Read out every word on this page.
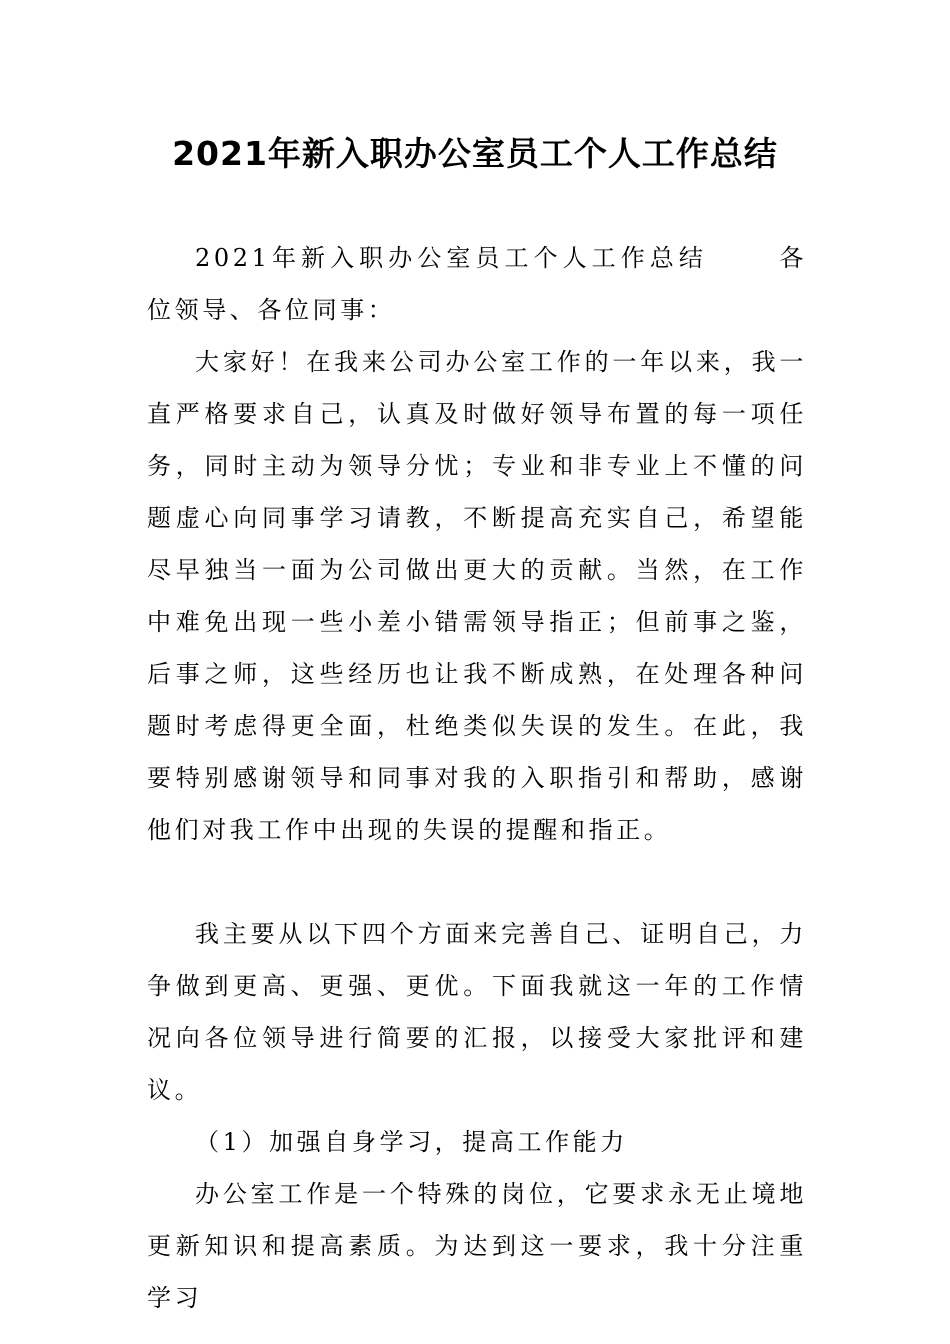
2021年新入职办公室员工个人工作总结

2021年新入职办公室员工个人工作总结	各位领导、各位同事：

大家好！在我来公司办公室工作的一年以来，我一直严格要求自己，认真及时做好领导布置的每一项任务，同时主动为领导分忧；专业和非专业上不懂的问题虚心向同事学习请教，不断提高充实自己，希望能尽早独当一面为公司做出更大的贡献。当然，在工作中难免出现一些小差小错需领导指正；但前事之鉴，后事之师，这些经历也让我不断成熟，在处理各种问题时考虑得更全面，杜绝类似失误的发生。在此，我要特别感谢领导和同事对我的入职指引和帮助，感谢他们对我工作中出现的失误的提醒和指正。

我主要从以下四个方面来完善自己、证明自己，力争做到更高、更强、更优。下面我就这一年的工作情况向各位领导进行简要的汇报，以接受大家批评和建议。

（1）加强自身学习，提高工作能力

办公室工作是一个特殊的岗位，它要求永无止境地更新知识和提高素质。为达到这一要求，我十分注重学习
